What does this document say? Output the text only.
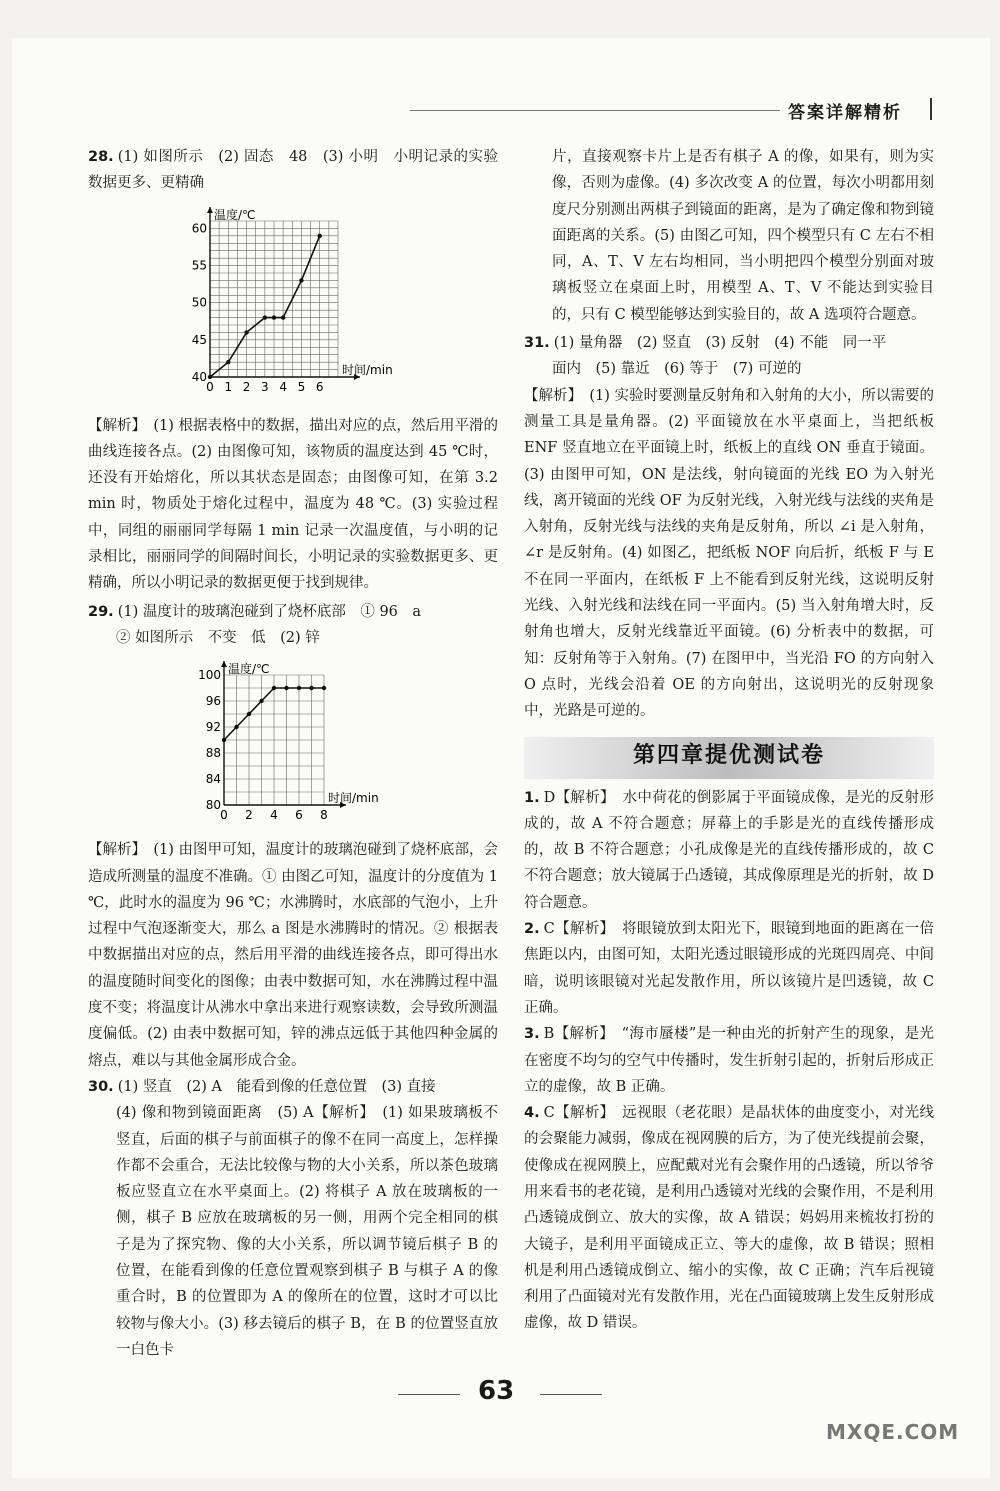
答案详解精析
28. (1) 如图所示　(2) 固态　48　(3) 小明　小明记录的实验数据更多、更精确
0 1 2 3 4 5 6
40
45
50
55
60
时间/min
温度/℃
【解析】　(1) 根据表格中的数据，描出对应的点，然后用平滑的曲线连接各点。(2) 由图像可知，该物质的温度达到 45 ℃时，还没有开始熔化，所以其状态是固态；由图像可知，在第 3.2 min 时，物质处于熔化过程中，温度为 48 ℃。(3) 实验过程中，同组的丽丽同学每隔 1 min 记录一次温度值，与小明的记录相比，丽丽同学的间隔时间长，小明记录的实验数据更多、更精确，所以小明记录的数据更便于找到规律。
29. (1) 温度计的玻璃泡碰到了烧杯底部　① 96　a
② 如图所示　不变　低　(2) 锌
0 2 4 6 8
80
84
88
92
96
100
时间/min
温度/℃
【解析】　(1) 由图甲可知，温度计的玻璃泡碰到了烧杯底部，会造成所测量的温度不准确。① 由图乙可知，温度计的分度值为 1 ℃，此时水的温度为 96 ℃；水沸腾时，水底部的气泡小，上升过程中气泡逐渐变大，那么 a 图是水沸腾时的情况。② 根据表中数据描出对应的点，然后用平滑的曲线连接各点，即可得出水的温度随时间变化的图像；由表中数据可知，水在沸腾过程中温度不变；将温度计从沸水中拿出来进行观察读数，会导致所测温度偏低。(2) 由表中数据可知，锌的沸点远低于其他四种金属的熔点，难以与其他金属形成合金。
30. (1) 竖直　(2) A　能看到像的任意位置　(3) 直接
(4) 像和物到镜面距离　(5) A【解析】　(1) 如果玻璃板不竖直，后面的棋子与前面棋子的像不在同一高度上，怎样操作都不会重合，无法比较像与物的大小关系，所以茶色玻璃板应竖直立在水平桌面上。(2) 将棋子 A 放在玻璃板的一侧，棋子 B 应放在玻璃板的另一侧，用两个完全相同的棋子是为了探究物、像的大小关系，所以调节镜后棋子 B 的位置，在能看到像的任意位置观察到棋子 B 与棋子 A 的像重合时，B 的位置即为 A 的像所在的位置，这时才可以比较物与像大小。(3) 移去镜后的棋子 B，在 B 的位置竖直放一白色卡
片，直接观察卡片上是否有棋子 A 的像，如果有，则为实像，否则为虚像。(4) 多次改变 A 的位置，每次小明都用刻度尺分别测出两棋子到镜面的距离，是为了确定像和物到镜面距离的关系。(5) 由图乙可知，四个模型只有 C 左右不相同，A、T、V 左右均相同，当小明把四个模型分别面对玻璃板竖立在桌面上时，用模型 A、T、V 不能达到实验目的，只有 C 模型能够达到实验目的，故 A 选项符合题意。
31. (1) 量角器　(2) 竖直　(3) 反射　(4) 不能　同一平
面内　(5) 靠近　(6) 等于　(7) 可逆的
【解析】　(1) 实验时要测量反射角和入射角的大小，所以需要的测量工具是量角器。(2) 平面镜放在水平桌面上，当把纸板 ENF 竖直地立在平面镜上时，纸板上的直线 ON 垂直于镜面。(3) 由图甲可知，ON 是法线，射向镜面的光线 EO 为入射光线，离开镜面的光线 OF 为反射光线，入射光线与法线的夹角是入射角，反射光线与法线的夹角是反射角，所以 ∠i 是入射角，∠r 是反射角。(4) 如图乙，把纸板 NOF 向后折，纸板 F 与 E 不在同一平面内，在纸板 F 上不能看到反射光线，这说明反射光线、入射光线和法线在同一平面内。(5) 当入射角增大时，反射角也增大，反射光线靠近平面镜。(6) 分析表中的数据，可知：反射角等于入射角。(7) 在图甲中，当光沿 FO 的方向射入 O 点时，光线会沿着 OE 的方向射出，这说明光的反射现象中，光路是可逆的。
第四章提优测试卷
1. D【解析】　水中荷花的倒影属于平面镜成像，是光的反射形成的，故 A 不符合题意；屏幕上的手影是光的直线传播形成的，故 B 不符合题意；小孔成像是光的直线传播形成的，故 C 不符合题意；放大镜属于凸透镜，其成像原理是光的折射，故 D 符合题意。
2. C【解析】　将眼镜放到太阳光下，眼镜到地面的距离在一倍焦距以内，由图可知，太阳光透过眼镜形成的光斑四周亮、中间暗，说明该眼镜对光起发散作用，所以该镜片是凹透镜，故 C 正确。
3. B【解析】　“海市蜃楼”是一种由光的折射产生的现象，是光在密度不均匀的空气中传播时，发生折射引起的，折射后形成正立的虚像，故 B 正确。
4. C【解析】　远视眼（老花眼）是晶状体的曲度变小，对光线的会聚能力减弱，像成在视网膜的后方，为了使光线提前会聚，使像成在视网膜上，应配戴对光有会聚作用的凸透镜，所以爷爷用来看书的老花镜，是利用凸透镜对光线的会聚作用，不是利用凸透镜成倒立、放大的实像，故 A 错误；妈妈用来梳妆打扮的大镜子，是利用平面镜成正立、等大的虚像，故 B 错误；照相机是利用凸透镜成倒立、缩小的实像，故 C 正确；汽车后视镜利用了凸面镜对光有发散作用，光在凸面镜玻璃上发生反射形成虚像，故 D 错误。
63
MXQE.COM
